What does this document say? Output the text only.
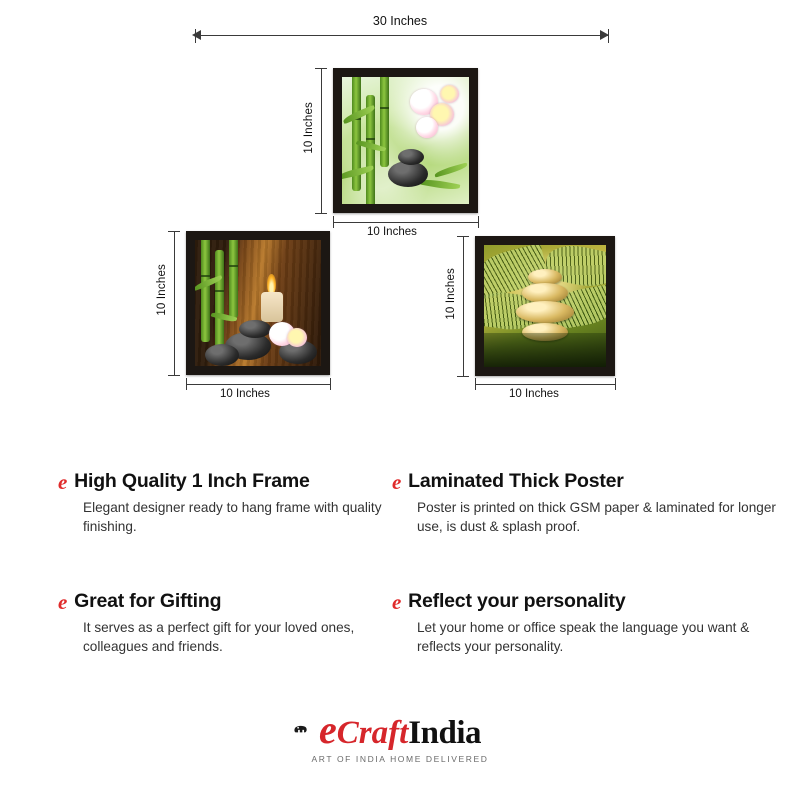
30 Inches
10 Inches
10 Inches
10 Inches
10 Inches
10 Inches
10 Inches
e High Quality 1 Inch Frame
Elegant designer ready to hang frame with quality finishing.
e Laminated Thick Poster
Poster is printed on thick GSM paper & laminated for longer use, is dust & splash proof.
e Great for Gifting
It serves as a perfect gift for your loved ones, colleagues and friends.
e Reflect your personality
Let your home or office speak the language you want & reflects your personality.
eCraftIndia
ART OF INDIA HOME DELIVERED
